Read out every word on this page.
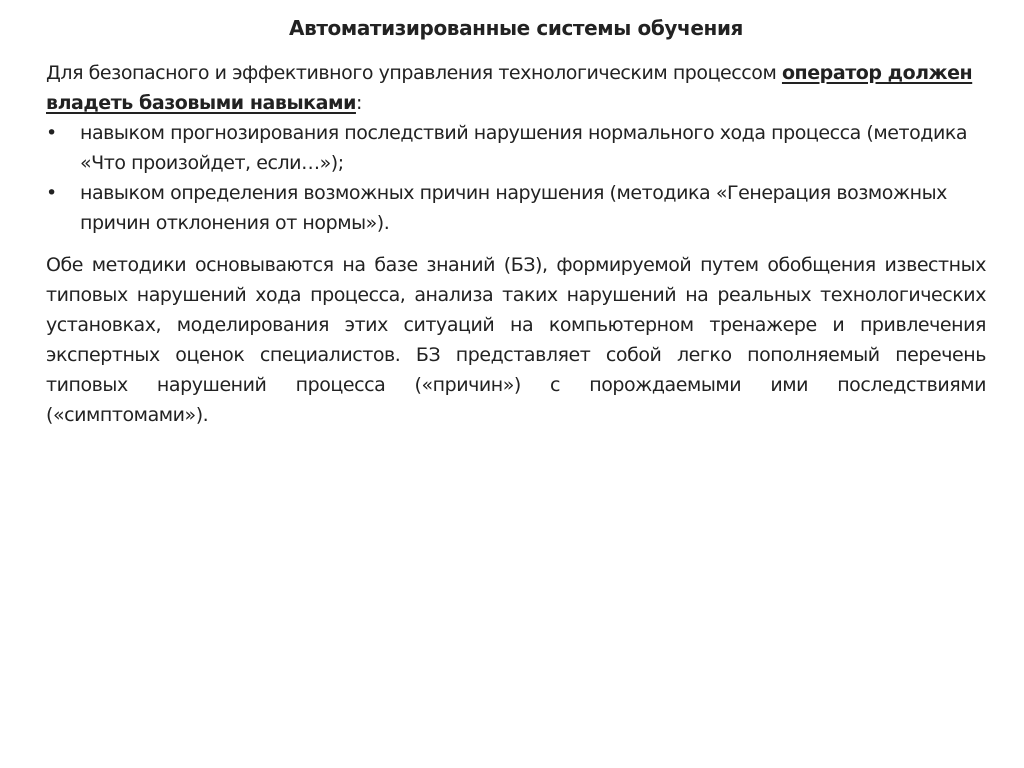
Автоматизированные системы обучения

Для безопасного и эффективного управления технологическим процессом оператор должен владеть базовыми навыками:

•	навыком прогнозирования последствий нарушения нормального хода процесса (методика «Что произойдет, если…»);
•	навыком определения возможных причин нарушения (методика «Генерация возможных причин отклонения от нормы»).

Обе методики основываются на базе знаний (БЗ), формируемой путем обобщения известных типовых нарушений хода процесса, анализа таких нарушений на реальных технологических установках, моделирования этих ситуаций на компьютерном тренажере и привлечения экспертных оценок специалистов. БЗ представляет собой легко пополняемый перечень типовых нарушений процесса («причин») с порождаемыми ими последствиями («симптомами»).
